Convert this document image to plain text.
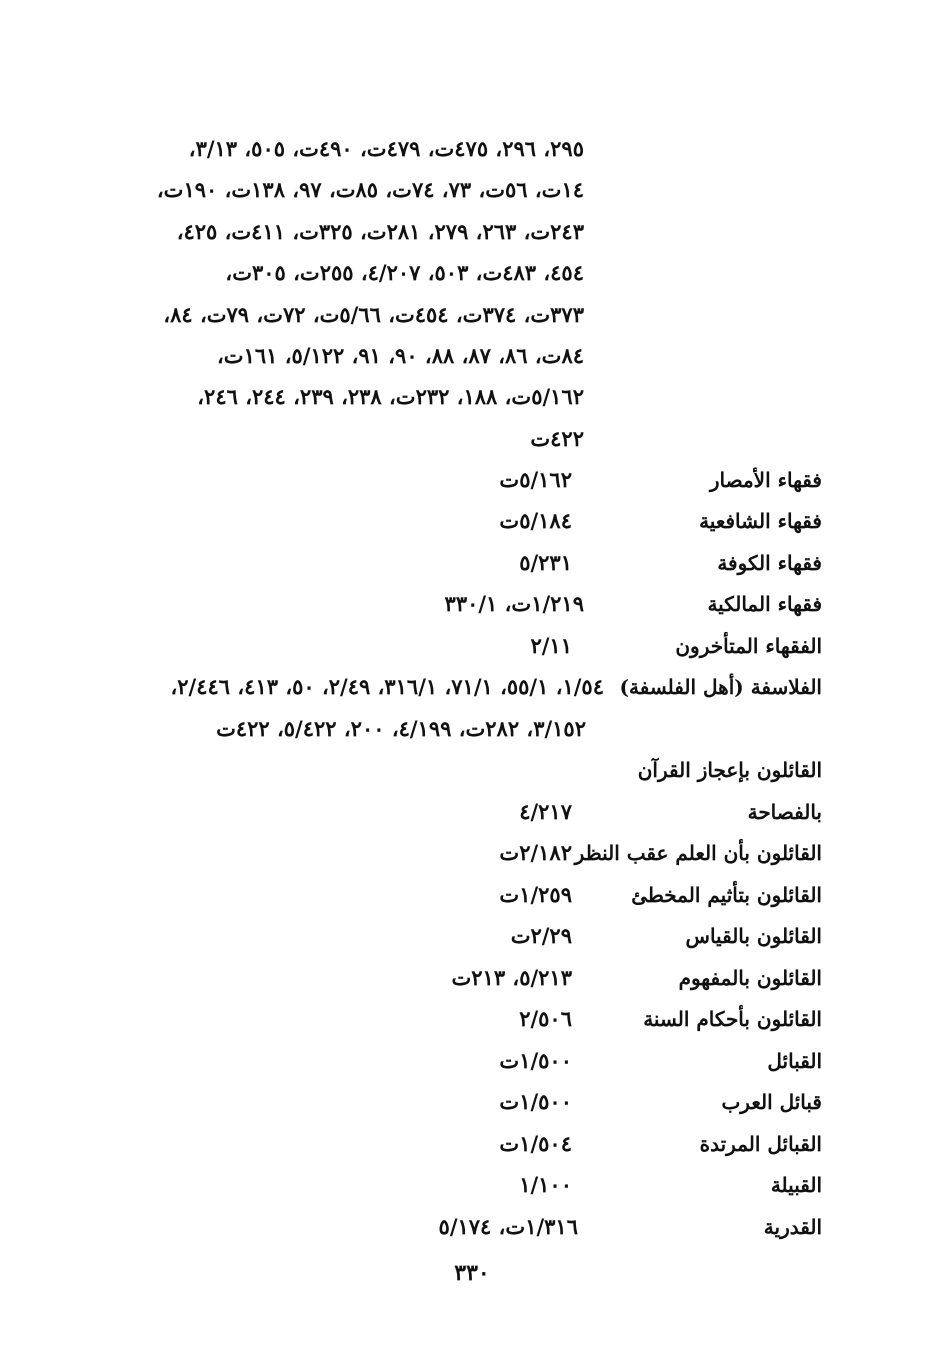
٢٩٥، ٢٩٦، ٤٧٥ت، ٤٧٩ت، ٤٩٠ت، ٥٠٥، ٣/١٣،
١٤ت، ٥٦ت، ٧٣، ٧٤ت، ٨٥ت، ٩٧، ١٣٨ت، ١٩٠ت،
٢٤٣ت، ٢٦٣، ٢٧٩، ٢٨١ت، ٣٢٥ت، ٤١١ت، ٤٢٥،
٤٥٤، ٤٨٣ت، ٥٠٣، ٤/٢٠٧، ٢٥٥ت، ٣٠٥ت،
٣٧٣ت، ٣٧٤ت، ٤٥٤ت، ٥/٦٦ت، ٧٢ت، ٧٩ت، ٨٤،
٨٤ت، ٨٦، ٨٧، ٨٨، ٩٠، ٩١، ٥/١٢٢، ١٦١ت،
٥/١٦٢ت، ١٨٨، ٢٣٢ت، ٢٣٨، ٢٣٩، ٢٤٤، ٢٤٦،
٤٢٢ت
فقهاء الأمصار
٥/١٦٢ت
فقهاء الشافعية
٥/١٨٤ت
فقهاء الكوفة
٥/٢٣١
فقهاء المالكية
١/٢١٩ت، ٣٣٠/١
الفقهاء المتأخرون
٢/١١
الفلاسفة (أهل الفلسفة)
١/٥٤، ٥٥/١، ٧١/١، ٣١٦/١، ٢/٤٩، ٥٠، ٤١٣، ٢/٤٤٦،
٣/١٥٢، ٢٨٢ت، ٤/١٩٩، ٢٠٠، ٥/٤٢٢، ٤٢٢ت
القائلون بإعجاز القرآن
بالفصاحة
٤/٢١٧
القائلون بأن العلم عقب النظر
٢/١٨٢ت
القائلون بتأثيم المخطئ
١/٢٥٩ت
القائلون بالقياس
٢/٢٩ت
القائلون بالمفهوم
٥/٢١٣، ٢١٣ت
القائلون بأحكام السنة
٢/٥٠٦
القبائل
١/٥٠٠ت
قبائل العرب
١/٥٠٠ت
القبائل المرتدة
١/٥٠٤ت
القبيلة
١/١٠٠
القدرية
١/٣١٦ت، ٥/١٧٤
٣٣٠
